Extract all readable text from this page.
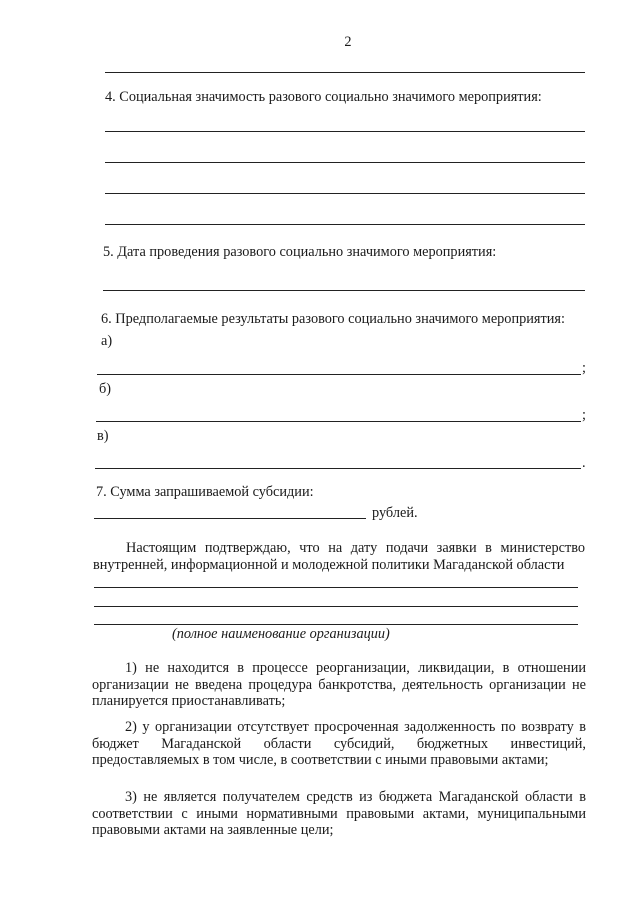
2
4. Социальная значимость разового социально значимого мероприятия:
5. Дата проведения разового социально значимого мероприятия:
6. Предполагаемые результаты разового социально значимого мероприятия:
а)
;
б)
;
в)
.
7. Сумма запрашиваемой субсидии:
рублей.
Настоящим подтверждаю, что на дату подачи заявки в министерство
внутренней, информационной и молодежной политики Магаданской области
(полное наименование организации)
1) не находится в процессе реорганизации, ликвидации, в отношении организации не введена процедура банкротства, деятельность организации не планируется приостанавливать;
2) у организации отсутствует просроченная задолженность по возврату в бюджет Магаданской области субсидий, бюджетных инвестиций, предоставляемых в том числе, в соответствии с иными правовыми актами;
3) не является получателем средств из бюджета Магаданской области в соответствии с иными нормативными правовыми актами, муниципальными правовыми актами на заявленные цели;
